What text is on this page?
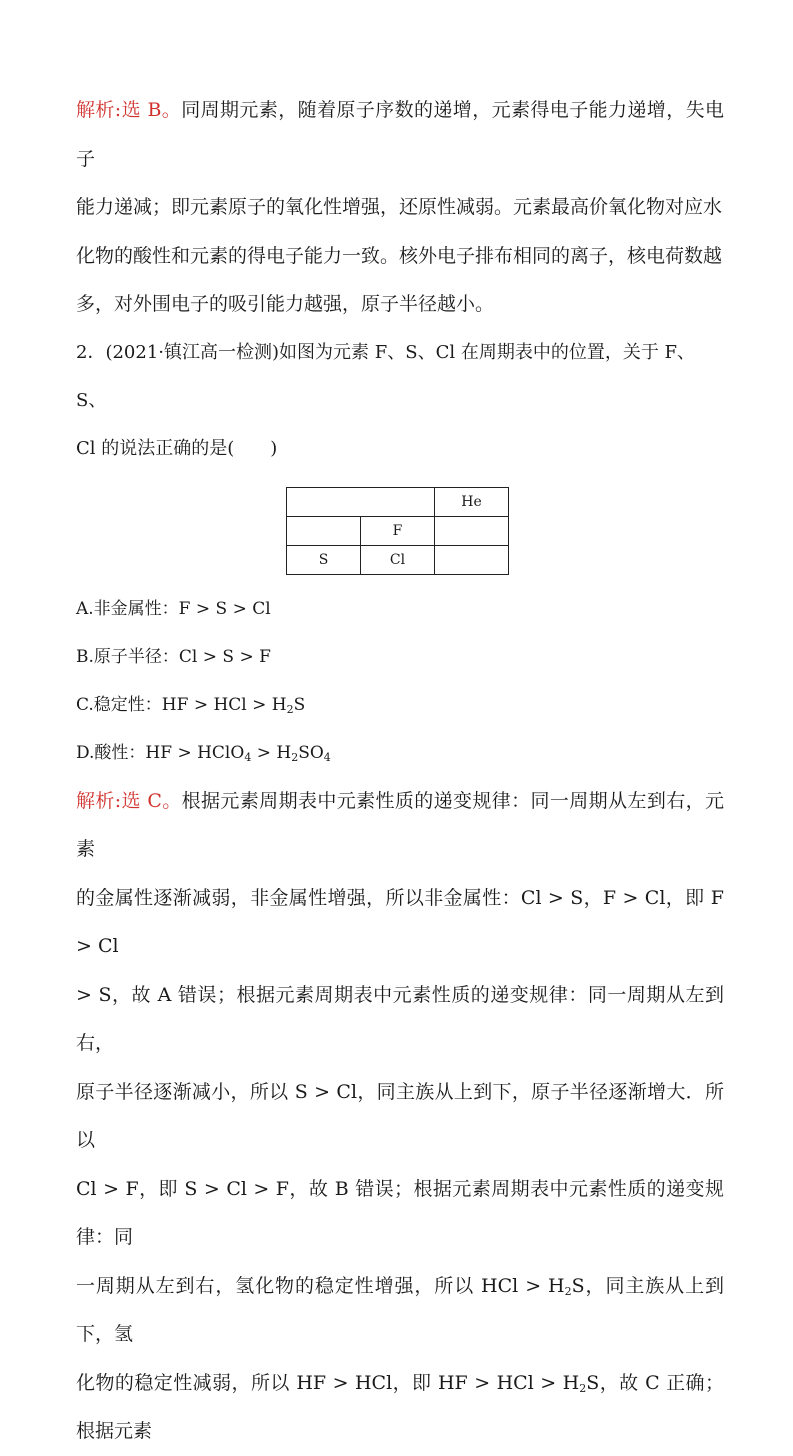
解析:选 B。同周期元素，随着原子序数的递增，元素得电子能力递增，失电子
能力递减；即元素原子的氧化性增强，还原性减弱。元素最高价氧化物对应水
化物的酸性和元素的得电子能力一致。核外电子排布相同的离子，核电荷数越
多，对外围电子的吸引能力越强，原子半径越小。

2．(2021·镇江高一检测)如图为元素 F、S、Cl 在周期表中的位置，关于 F、S、
Cl 的说法正确的是(　　)

		He
	F	
S	Cl	

A.非金属性：F > S > Cl

B.原子半径：Cl > S > F

C.稳定性：HF > HCl > $H_2S$

D.酸性：HF > HClO$_4$ > $H_2SO_4$

解析:选 C。根据元素周期表中元素性质的递变规律：同一周期从左到右，元素
的金属性逐渐减弱，非金属性增强，所以非金属性：Cl > S，F > Cl，即 F > Cl
> S，故 A 错误；根据元素周期表中元素性质的递变规律：同一周期从左到右，
原子半径逐渐减小，所以 S > Cl，同主族从上到下，原子半径逐渐增大．所以
Cl > F，即 S > Cl > F，故 B 错误；根据元素周期表中元素性质的递变规律：同
一周期从左到右，氢化物的稳定性增强，所以 HCl > $H_2S$，同主族从上到下，氢
化物的稳定性减弱，所以 HF > HCl，即 HF > HCl > $H_2S$，故 C 正确；根据元素
